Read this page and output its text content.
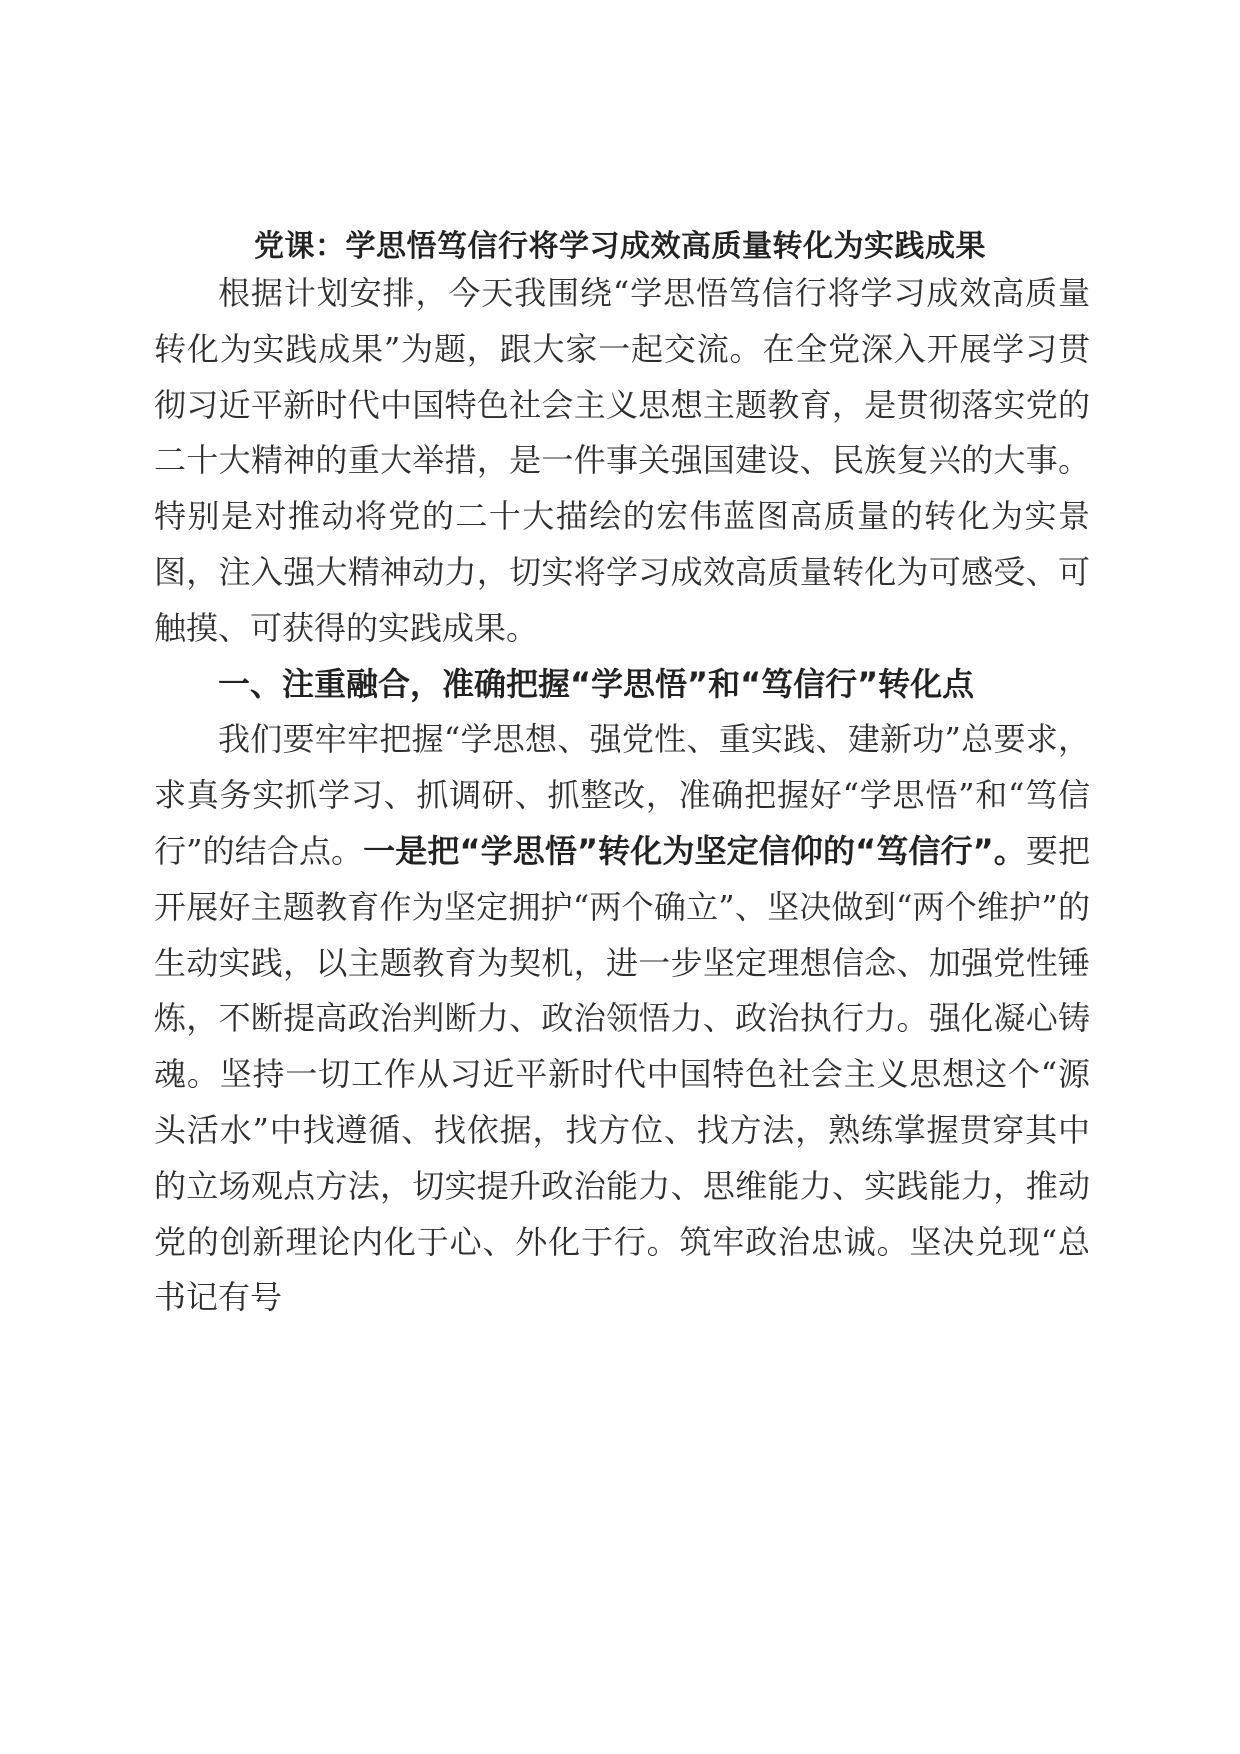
党课：学思悟笃信行将学习成效高质量转化为实践成果

根据计划安排，今天我围绕“学思悟笃信行将学习成效高质量转化为实践成果”为题，跟大家一起交流。在全党深入开展学习贯彻习近平新时代中国特色社会主义思想主题教育，是贯彻落实党的二十大精神的重大举措，是一件事关强国建设、民族复兴的大事。特别是对推动将党的二十大描绘的宏伟蓝图高质量的转化为实景图，注入强大精神动力，切实将学习成效高质量转化为可感受、可触摸、可获得的实践成果。

一、注重融合，准确把握“学思悟”和“笃信行”转化点

我们要牢牢把握“学思想、强党性、重实践、建新功”总要求，求真务实抓学习、抓调研、抓整改，准确把握好“学思悟”和“笃信行”的结合点。一是把“学思悟”转化为坚定信仰的“笃信行”。要把开展好主题教育作为坚定拥护“两个确立”、坚决做到“两个维护”的生动实践，以主题教育为契机，进一步坚定理想信念、加强党性锤炼，不断提高政治判断力、政治领悟力、政治执行力。强化凝心铸魂。坚持一切工作从习近平新时代中国特色社会主义思想这个“源头活水”中找遵循、找依据，找方位、找方法，熟练掌握贯穿其中的立场观点方法，切实提升政治能力、思维能力、实践能力，推动党的创新理论内化于心、外化于行。筑牢政治忠诚。坚决兑现“总书记有号
